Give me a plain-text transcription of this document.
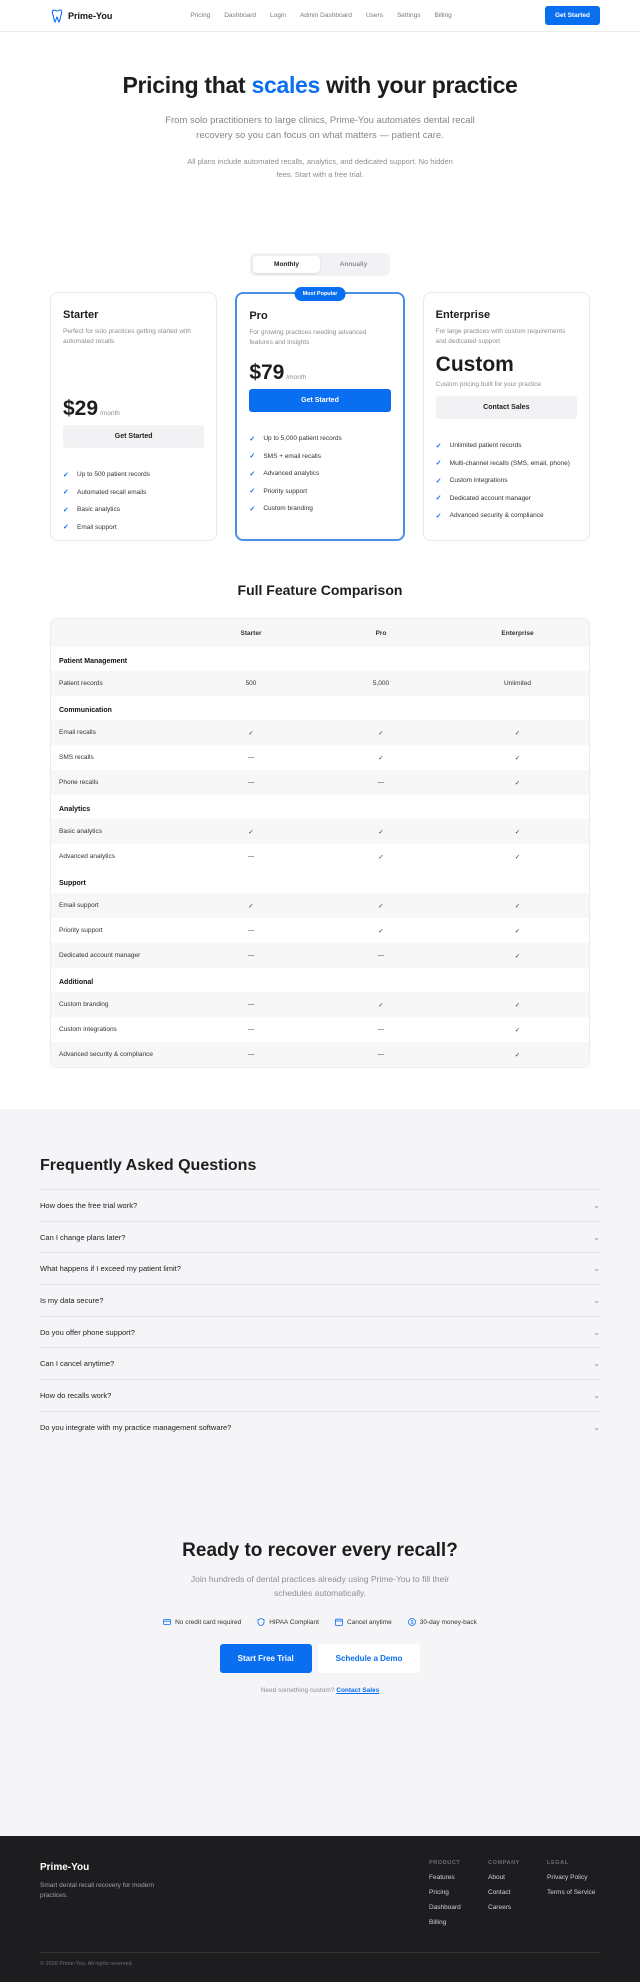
Prime-You	Pricing Dashboard Login Admin Dashboard Users Settings Billing	Get Started
Pricing that scales with your practice

From solo practitioners to large clinics, Prime-You automates dental recall recovery so you can focus on what matters — patient care.

All plans include automated recalls, analytics, and dedicated support. No hidden fees. Start with a free trial.

Monthly	Annually
Starter
Perfect for solo practices getting started with automated recalls
$29 /month
Get Started
✓ Up to 500 patient records
✓ Automated recall emails
✓ Basic analytics
✓ Email support
Most Popular
Pro
For growing practices needing advanced features and insights
$79 /month
Get Started
✓ Up to 5,000 patient records
✓ SMS + email recalls
✓ Advanced analytics
✓ Priority support
✓ Custom branding
Enterprise
For large practices with custom requirements and dedicated support
Custom
Custom pricing built for your practice
Contact Sales
✓ Unlimited patient records
✓ Multi-channel recalls (SMS, email, phone)
✓ Custom integrations
✓ Dedicated account manager
✓ Advanced security & compliance
Full Feature Comparison
Starter	Pro	Enterprise
Patient Management
Patient records	500	5,000	Unlimited
Communication
Email recalls	✓	✓	✓
SMS recalls	—	✓	✓
Phone recalls	—	—	✓
Analytics
Basic analytics	✓	✓	✓
Advanced analytics	—	✓	✓
Support
Email support	✓	✓	✓
Priority support	—	✓	✓
Dedicated account manager	—	—	✓
Additional
Custom branding	—	✓	✓
Custom integrations	—	—	✓
Advanced security & compliance	—	—	✓
Frequently Asked Questions
How does the free trial work?	⌄
Can I change plans later?	⌄
What happens if I exceed my patient limit?	⌄
Is my data secure?	⌄
Do you offer phone support?	⌄
Can I cancel anytime?	⌄
How do recalls work?	⌄
Do you integrate with my practice management software?	⌄
Ready to recover every recall?

Join hundreds of dental practices already using Prime-You to fill their schedules automatically.

No credit card required	HIPAA Compliant	Cancel anytime	$ 30-day money-back
Start Free Trial	Schedule a Demo

Need something custom? Contact Sales

Prime-You
Smart dental recall recovery for modern practices.
PRODUCT
Features
Pricing
Dashboard
Billing
COMPANY
About
Contact
Careers
LEGAL
Privacy Policy
Terms of Service
© 2026 Prime-You. All rights reserved.
